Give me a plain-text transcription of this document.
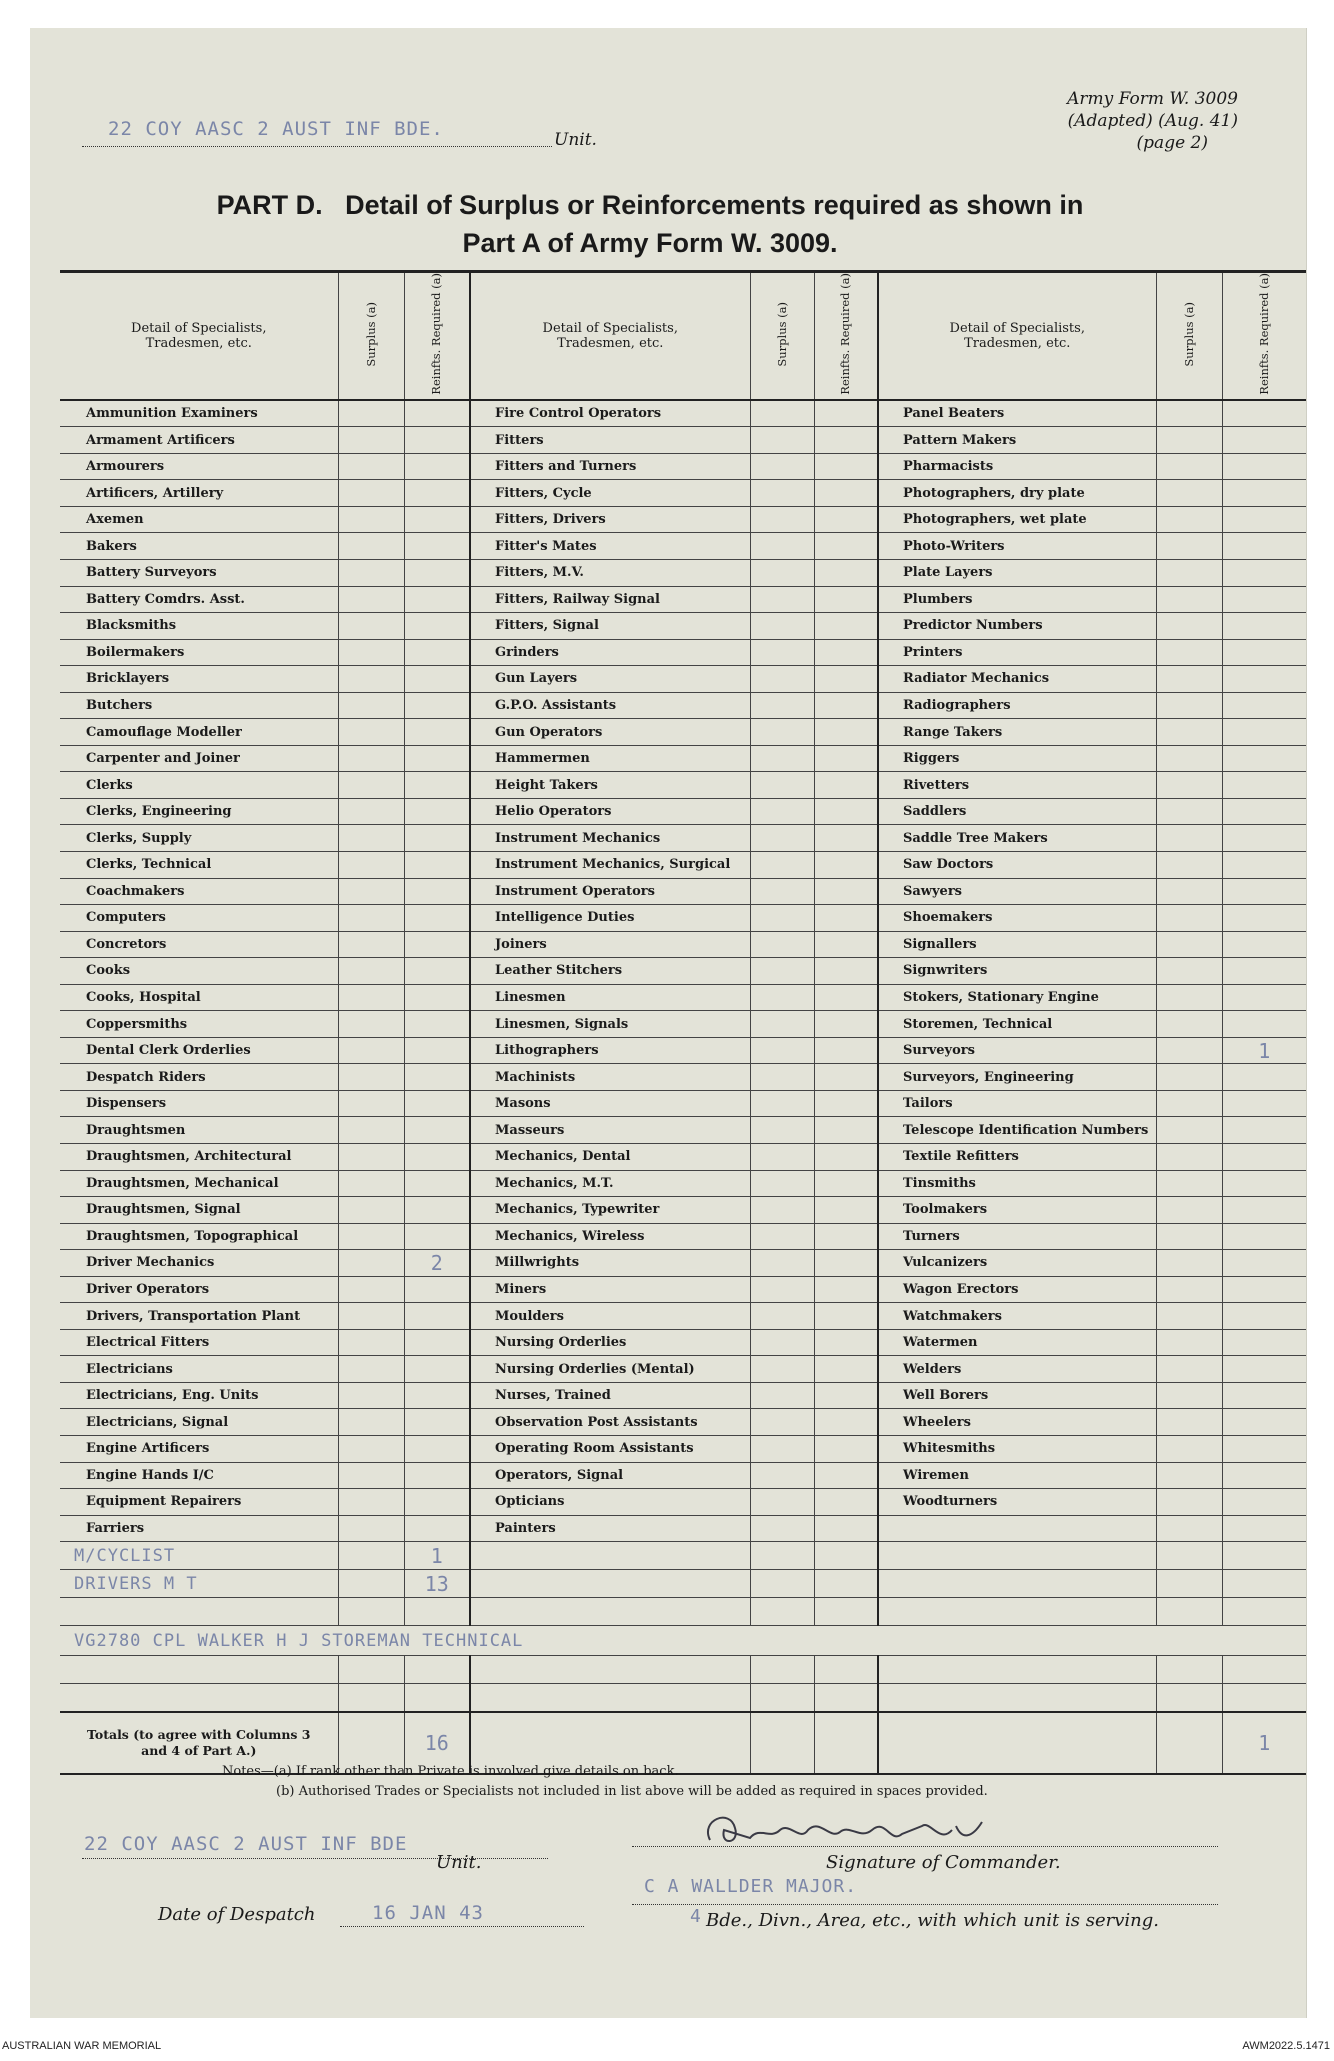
22 COY AASC 2 AUST INF BDE.	Unit.
Army Form W. 3009
(Adapted) (Aug. 41)
(page 2)
PART D.   Detail of Surplus or Reinforcements required as shown in
Part A of Army Form W. 3009.
Detail of Specialists, Tradesmen, etc.	Surplus (a)	Reinfts. Required (a)	Detail of Specialists, Tradesmen, etc.	Surplus (a)	Reinfts. Required (a)	Detail of Specialists, Tradesmen, etc.	Surplus (a)	Reinfts. Required (a)
Ammunition Examiners			Fire Control Operators			Panel Beaters		
Armament Artificers			Fitters			Pattern Makers		
Armourers			Fitters and Turners			Pharmacists		
Artificers, Artillery			Fitters, Cycle			Photographers, dry plate		
Axemen			Fitters, Drivers			Photographers, wet plate		
Bakers			Fitter's Mates			Photo-Writers		
Battery Surveyors			Fitters, M.V.			Plate Layers		
Battery Comdrs. Asst.			Fitters, Railway Signal			Plumbers		
Blacksmiths			Fitters, Signal			Predictor Numbers		
Boilermakers			Grinders			Printers		
Bricklayers			Gun Layers			Radiator Mechanics		
Butchers			G.P.O. Assistants			Radiographers		
Camouflage Modeller			Gun Operators			Range Takers		
Carpenter and Joiner			Hammermen			Riggers		
Clerks			Height Takers			Rivetters		
Clerks, Engineering			Helio Operators			Saddlers		
Clerks, Supply			Instrument Mechanics			Saddle Tree Makers		
Clerks, Technical			Instrument Mechanics, Surgical			Saw Doctors		
Coachmakers			Instrument Operators			Sawyers		
Computers			Intelligence Duties			Shoemakers		
Concretors			Joiners			Signallers		
Cooks			Leather Stitchers			Signwriters		
Cooks, Hospital			Linesmen			Stokers, Stationary Engine		
Coppersmiths			Linesmen, Signals			Storemen, Technical		
Dental Clerk Orderlies			Lithographers			Surveyors		1
Despatch Riders			Machinists			Surveyors, Engineering		
Dispensers			Masons			Tailors		
Draughtsmen			Masseurs			Telescope Identification Numbers		
Draughtsmen, Architectural			Mechanics, Dental			Textile Refitters		
Draughtsmen, Mechanical			Mechanics, M.T.			Tinsmiths		
Draughtsmen, Signal			Mechanics, Typewriter			Toolmakers		
Draughtsmen, Topographical			Mechanics, Wireless			Turners		
Driver Mechanics		2	Millwrights			Vulcanizers		
Driver Operators			Miners			Wagon Erectors		
Drivers, Transportation Plant			Moulders			Watchmakers		
Electrical Fitters			Nursing Orderlies			Watermen		
Electricians			Nursing Orderlies (Mental)			Welders		
Electricians, Eng. Units			Nurses, Trained			Well Borers		
Electricians, Signal			Observation Post Assistants			Wheelers		
Engine Artificers			Operating Room Assistants			Whitesmiths		
Engine Hands I/C			Operators, Signal			Wiremen		
Equipment Repairers			Opticians			Woodturners		
Farriers			Painters					
M/CYCLIST		1						
DRIVERS M T		13						

VG2780 CPL WALKER H J STOREMAN TECHNICAL								

Totals (to agree with Columns 3 and 4 of Part A.)		16						1
Notes—(a) If rank other than Private is involved give details on back.
(b) Authorised Trades or Specialists not included in list above will be added as required in spaces provided.
22 COY AASC 2 AUST INF BDE
Unit.	Signature of Commander.
C A WALLDER MAJOR.
Date of Despatch	16 JAN 43	4 Bde., Divn., Area, etc., with which unit is serving.
AUSTRALIAN WAR MEMORIAL	AWM2022.5.1471
